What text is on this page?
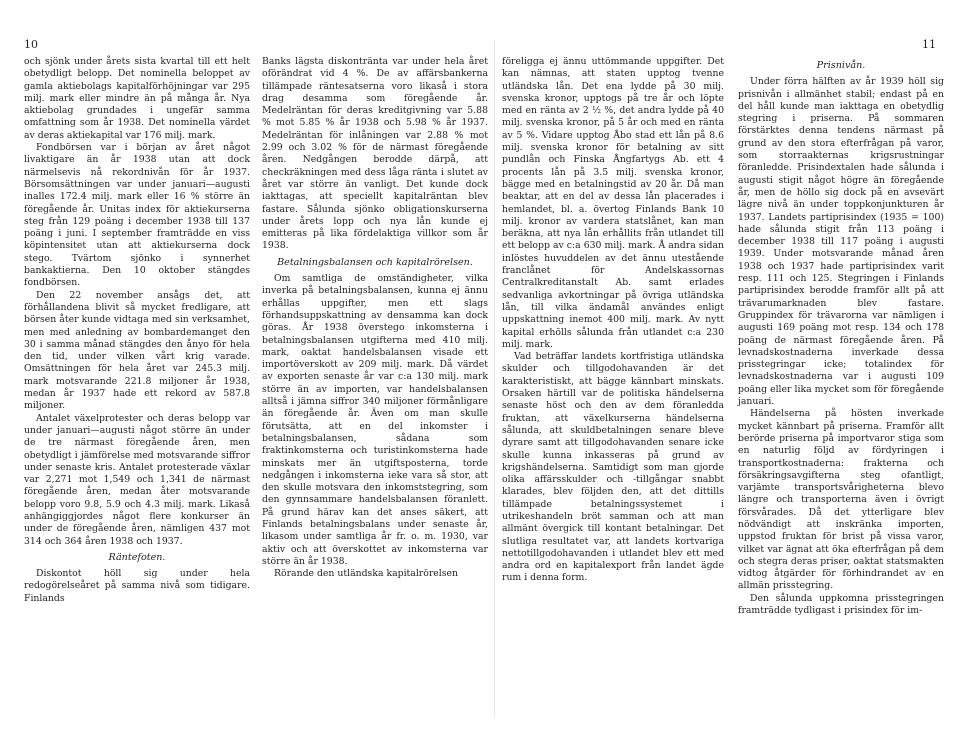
10	11

och sjönk under årets sista kvartal till ett helt obetydligt belopp. Det nominella beloppet av gamla aktiebolags kapitalförhöjningar var 295 milj. mark eller mindre än på många år. Nya aktiebolag grundades i ungefär samma omfattning som år 1938. Det nominella värdet av deras aktiekapital var 176 milj. mark.

Fondbörsen var i början av året något livaktigare än år 1938 utan att dock närmelsevis nå rekordnivån för år 1937. Börsomsättningen var under januari—augusti inalles 172.4 milj. mark eller 16 % större än föregående år. Unitas index för aktiekurserna steg från 129 poäng i december 1938 till 137 poäng i juni. I september framträdde en viss köpintensitet utan att aktiekurserna dock stego. Tvärtom sjönko i synnerhet bankaktierna. Den 10 oktober stängdes fondbörsen.

Den 22 november ansågs det, att förhållandena blivit så mycket fredligare, att börsen åter kunde vidtaga med sin verksamhet, men med anledning av bombardemanget den 30 i samma månad stängdes den ånyo för hela den tid, under vilken vårt krig varade. Omsättningen för hela året var 245.3 milj. mark motsvarande 221.8 miljoner år 1938, medan år 1937 hade ett rekord av 587.8 miljoner.

Antalet växelprotester och deras belopp var under januari—augusti något större än under de tre närmast föregående åren, men obetydligt i jämförelse med motsvarande siffror under senaste kris. Antalet protesterade växlar var 2,271 mot 1,549 och 1,341 de närmast föregående åren, medan åter motsvarande belopp voro 9.8, 5.9 och 4.3 milj. mark. Likaså anhängiggjordes något flere konkurser än under de föregående åren, nämligen 437 mot 314 och 364 åren 1938 och 1937.

Räntefoten.

Diskontot höll sig under hela redogörelseåret på samma nivå som tidigare. Finlands

Banks lägsta diskontränta var under hela året oförändrat vid 4 %. De av affärsbankerna tillämpade räntesatserna voro likaså i stora drag desamma som föregående år. Medelräntan för deras kreditgivning var 5.88 % mot 5.85 % år 1938 och 5.98 % år 1937. Medelräntan för inlåningen var 2.88 % mot 2.99 och 3.02 % för de närmast föregående åren. Nedgången berodde därpå, att checkräkningen med dess låga ränta i slutet av året var större än vanligt. Det kunde dock iakttagas, att speciellt kapitalräntan blev fastare. Sålunda sjönko obligationskurserna under årets lopp och nya lån kunde ej emitteras på lika fördelaktiga villkor som år 1938.

Betalningsbalansen och kapitalrörelsen.

Om samtliga de omständigheter, vilka inverka på betalningsbalansen, kunna ej ännu erhållas uppgifter, men ett slags förhandsuppskattning av densamma kan dock göras. År 1938 överstego inkomsterna i betalningsbalansen utgifterna med 410 milj. mark, oaktat handelsbalansen visade ett importöverskott av 209 milj. mark. Då värdet av exporten senaste år var c:a 130 milj. mark större än av importen, var handelsbalansen alltså i jämna siffror 340 miljoner förmånligare än föregående år. Även om man skulle förutsätta, att en del inkomster i betalningsbalansen, sådana som fraktinkomsterna och turistinkomsterna hade minskats mer än utgiftsposterna, torde nedgången i inkomsterna ieke vara så stor, att den skulle motsvara den inkomststegring, som den gynnsammare handelsbalansen föranlett. På grund härav kan det anses säkert, att Finlands betalningsbalans under senaste år, likasom under samtliga år fr. o. m. 1930, var aktiv och att överskottet av inkomsterna var större än år 1938.

Rörande den utländska kapitalrörelsen

föreligga ej ännu uttömmande uppgifter. Det kan nämnas, att staten upptog tvenne utländska lån. Det ena lydde på 30 milj. svenska kronor, upptogs på tre år och löpte med en ränta av 2 ½ %, det andra lydde på 40 milj. svenska kronor, på 5 år och med en ränta av 5 %. Vidare upptog Åbo stad ett lån på 8.6 milj. svenska kronor för betalning av sitt pundlån och Finska Ångfartygs Ab. ett 4 procents lån på 3.5 milj. svenska kronor, bägge med en betalningstid av 20 år. Då man beaktar, att en del av dessa lån placerades i hemlandet, bl. a. övertog Finlands Bank 10 milj. kronor av vardera statslånet, kan man beräkna, att nya lån erhållits från utlandet till ett belopp av c:a 630 milj. mark. Å andra sidan inlöstes huvuddelen av det ännu utestående franclånet för Andelskassornas Centralkreditanstalt Ab. samt erlades sedvanliga avkortningar på övriga utländska lån, till vilka ändamål användes enligt uppskattning inemot 400 milj. mark. Av nytt kapital erhölls sålunda från utlandet c:a 230 milj. mark.

Vad beträffar landets kortfristiga utländska skulder och tillgodohavanden är det karakteristiskt, att bägge kännbart minskats. Orsaken härtill var de politiska händelserna senaste höst och den av dem föranledda fruktan, att växelkurserna händelserna sålunda, att skuldbetalningen senare bleve dyrare samt att tillgodohavanden senare icke skulle kunna inkasseras på grund av krigshändelserna. Samtidigt som man gjorde olika affärsskulder och -tillgångar snabbt klarades, blev följden den, att det dittills tillämpade betalningssystemet i utrikeshandeln bröt samman och att man allmänt övergick till kontant betalningar. Det slutliga resultatet var, att landets kortvariga nettotillgodohavanden i utlandet blev ett med andra ord en kapitalexport från landet ägde rum i denna form.

Prisnivån.

Under förra hälften av år 1939 höll sig prisnivån i allmänhet stabil; endast på en del håll kunde man iakttaga en obetydlig stegring i priserna. På sommaren förstärktes denna tendens närmast på grund av den stora efterfrågan på varor, som storraakternas krigsrustningar föranledde. Prisindextalen hade sålunda i augusti stigit något högre än föregående år, men de höllo sig dock på en avsevärt lägre nivå än under toppkonjunkturen år 1937. Landets partiprisindex (1935 = 100) hade sålunda stigit från 113 poäng i december 1938 till 117 poäng i augusti 1939. Under motsvarande månad åren 1938 och 1937 hade partiprisindex varit resp. 111 och 125. Stegringen i Finlands partiprisindex berodde framför allt på att trävarumarknaden blev fastare. Gruppindex för trävarorna var nämligen i augusti 169 poäng mot resp. 134 och 178 poäng de närmast föregående åren. På levnadskostnaderna inverkade dessa prisstegringar icke; totalindex för levnadskostnaderna var i augusti 109 poäng eller lika mycket som för föregående januari.

Händelserna på hösten inverkade mycket kännbart på priserna. Framför allt berörde priserna på importvaror stiga som en naturlig följd av fördyringen i transportkostnaderna: frakterna och försäkringsavgifterna steg ofantligt, varjämte transportsvårigheterna blevo längre och transporterna även i övrigt försvårades. Då det ytterligare blev nödvändigt att inskränka importen, uppstod fruktan för brist på vissa varor, vilket var ägnat att öka efterfrågan på dem och stegra deras priser, oaktat statsmakten vidtog åtgärder för förhindrandet av en allmän prisstegring.

Den sålunda uppkomna prisstegringen framträdde tydligast i prisindex för im-
